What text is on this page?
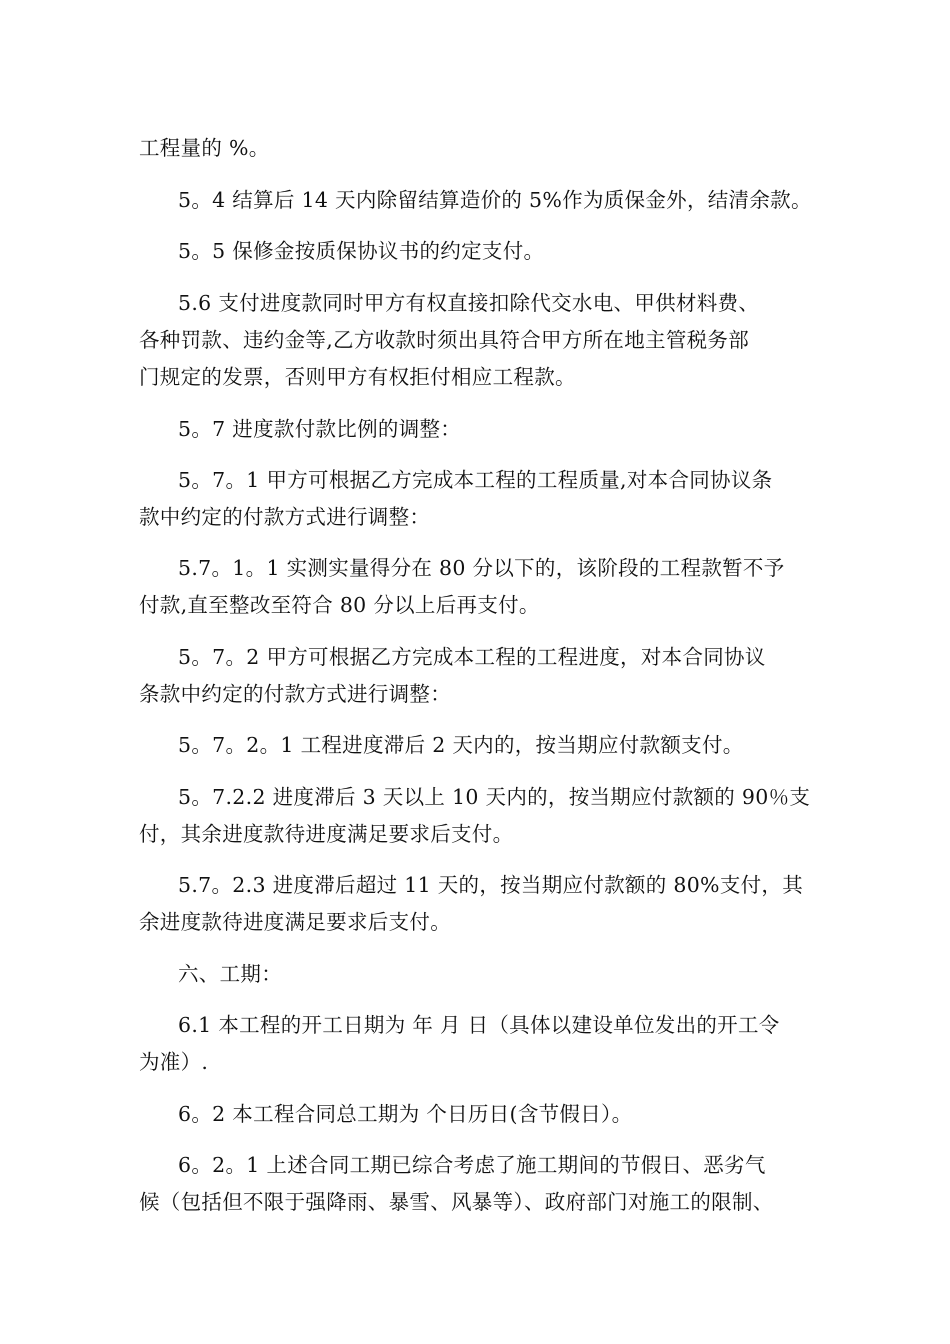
工程量的 %。
5。4 结算后 14 天内除留结算造价的 5%作为质保金外，结清余款。
5。5 保修金按质保协议书的约定支付。
5.6 支付进度款同时甲方有权直接扣除代交水电、甲供材料费、
各种罚款、违约金等,乙方收款时须出具符合甲方所在地主管税务部
门规定的发票，否则甲方有权拒付相应工程款。
5。7 进度款付款比例的调整：
5。7。1 甲方可根据乙方完成本工程的工程质量,对本合同协议条
款中约定的付款方式进行调整：
5.7。1。1 实测实量得分在 80 分以下的，该阶段的工程款暂不予
付款,直至整改至符合 80 分以上后再支付。
5。7。2 甲方可根据乙方完成本工程的工程进度，对本合同协议
条款中约定的付款方式进行调整：
5。7。2。1 工程进度滞后 2 天内的，按当期应付款额支付。
5。7.2.2 进度滞后 3 天以上 10 天内的，按当期应付款额的 90％支
付，其余进度款待进度满足要求后支付。
5.7。2.3 进度滞后超过 11 天的，按当期应付款额的 80%支付，其
余进度款待进度满足要求后支付。
六、工期：
6.1 本工程的开工日期为 年 月 日（具体以建设单位发出的开工令
为准）.
6。2 本工程合同总工期为 个日历日(含节假日）。
6。2。1 上述合同工期已综合考虑了施工期间的节假日、恶劣气
候（包括但不限于强降雨、暴雪、风暴等）、政府部门对施工的限制、
